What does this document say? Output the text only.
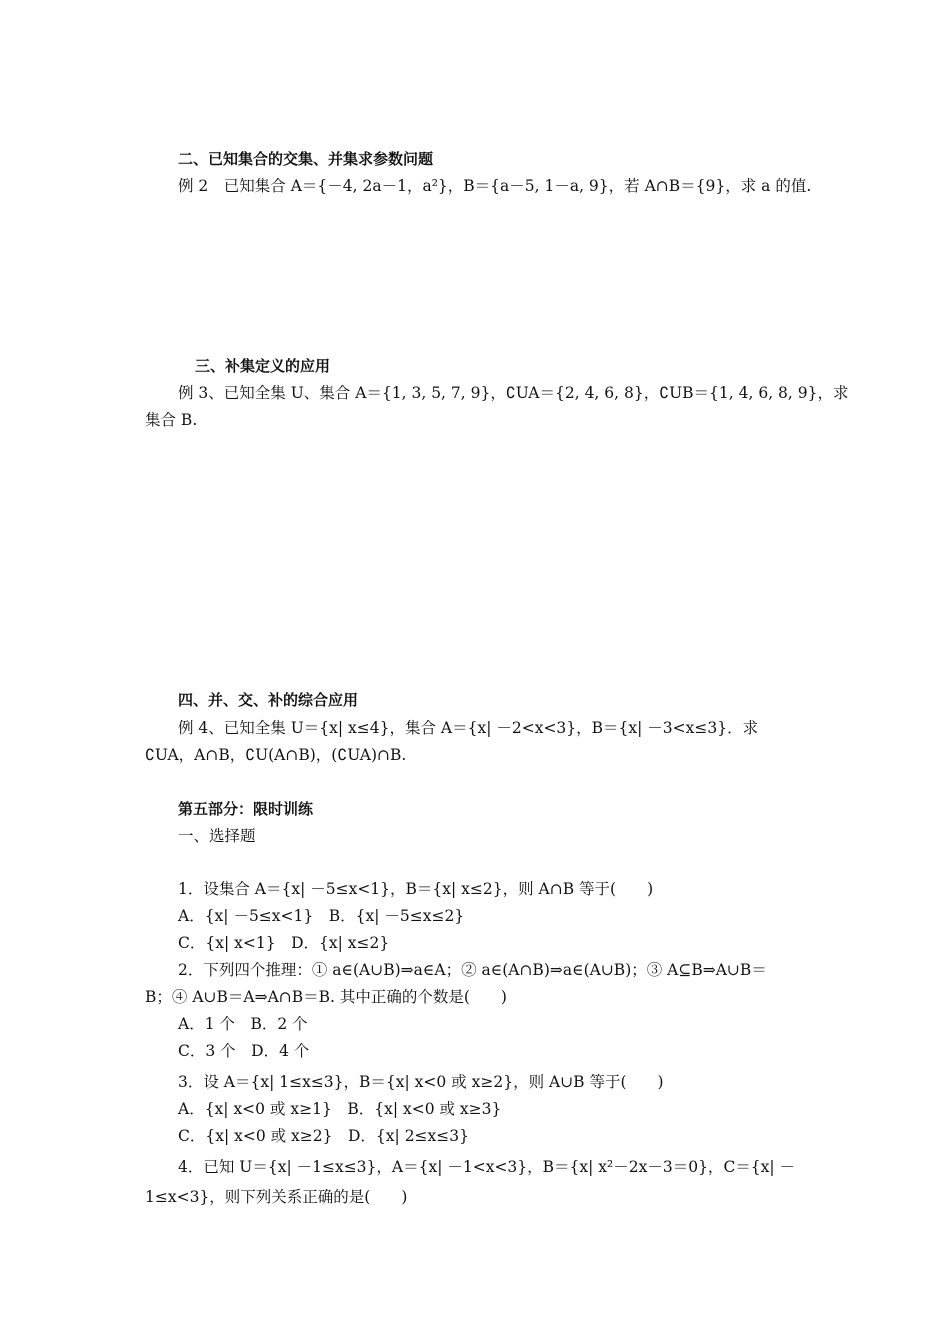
二、已知集合的交集、并集求参数问题
例 2　已知集合 A＝{－4, 2a－1，a²}，B＝{a－5, 1－a, 9}，若 A∩B＝{9}，求 a 的值.
三、补集定义的应用
例 3、已知全集 U、集合 A＝{1, 3, 5, 7, 9}，∁UA＝{2, 4, 6, 8}，∁UB＝{1, 4, 6, 8, 9}，求
集合 B.
四、并、交、补的综合应用
例 4、已知全集 U＝{x| x≤4}，集合 A＝{x| －2<x<3}，B＝{x| －3<x≤3}．求
∁UA，A∩B，∁U(A∩B)，(∁UA)∩B.
第五部分：限时训练
一、选择题
1．设集合 A＝{x| －5≤x<1}，B＝{x| x≤2}，则 A∩B 等于(　　)
A．{x| －5≤x<1}　B．{x| －5≤x≤2}
C．{x| x<1}　D．{x| x≤2}
2．下列四个推理：① a∈(A∪B)⇒a∈A；② a∈(A∩B)⇒a∈(A∪B)；③ A⊆B⇒A∪B＝
B；④ A∪B＝A⇒A∩B＝B. 其中正确的个数是(　　)
A．1 个　B．2 个
C．3 个　D．4 个
3．设 A＝{x| 1≤x≤3}，B＝{x| x<0 或 x≥2}，则 A∪B 等于(　　)
A．{x| x<0 或 x≥1}　B．{x| x<0 或 x≥3}
C．{x| x<0 或 x≥2}　D．{x| 2≤x≤3}
4．已知 U＝{x| －1≤x≤3}，A＝{x| －1<x<3}，B＝{x| x²－2x－3＝0}，C＝{x| －
1≤x<3}，则下列关系正确的是(　　)
